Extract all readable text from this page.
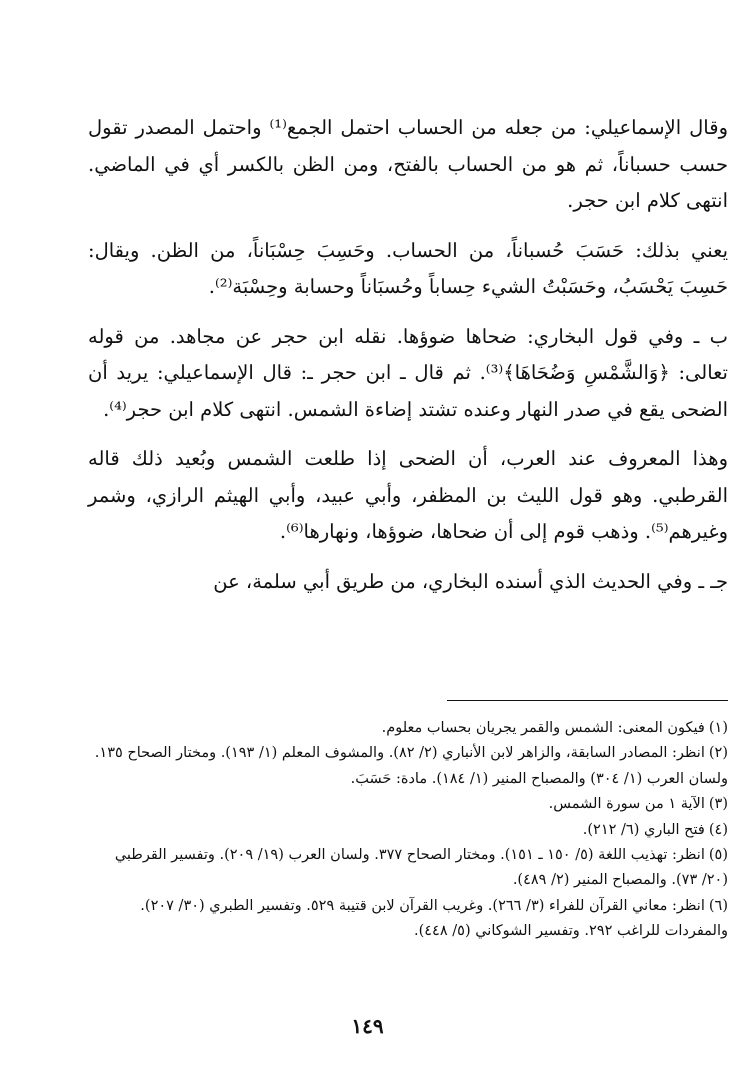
وقال الإسماعيلي: من جعله من الحساب احتمل الجمع⁽¹⁾ واحتمل المصدر تقول حسب حسباناً، ثم هو من الحساب بالفتح، ومن الظن بالكسر أي في الماضي. انتهى كلام ابن حجر.

يعني بذلك: حَسَبَ حُسباناً، من الحساب. وحَسِبَ حِسْبَاناً، من الظن. ويقال: حَسِبَ يَحْسَبُ، وحَسَبْتُ الشيء حِساباً وحُسبَاناً وحسابة وحِسْبَة⁽²⁾.

ب ـ وفي قول البخاري: ضحاها ضوؤها. نقله ابن حجر عن مجاهد. من قوله تعالى: ﴿وَالشَّمْسِ وَضُحَاهَا﴾⁽³⁾. ثم قال ـ ابن حجر ـ: قال الإسماعيلي: يريد أن الضحى يقع في صدر النهار وعنده تشتد إضاءة الشمس. انتهى كلام ابن حجر⁽⁴⁾.

وهذا المعروف عند العرب، أن الضحى إذا طلعت الشمس وبُعيد ذلك قاله القرطبي. وهو قول الليث بن المظفر، وأبي عبيد، وأبي الهيثم الرازي، وشمر وغيرهم⁽⁵⁾. وذهب قوم إلى أن ضحاها، ضوؤها، ونهارها⁽⁶⁾.

جـ ـ وفي الحديث الذي أسنده البخاري، من طريق أبي سلمة، عن

(١)فيكون المعنى: الشمس والقمر يجريان بحساب معلوم.

(٢)انظر: المصادر السابقة، والزاهر لابن الأنباري (٢/ ٨٢). والمشوف المعلم (١/ ١٩٣). ومختار الصحاح ١٣٥. ولسان العرب (١/ ٣٠٤) والمصباح المنير (١/ ١٨٤). مادة: حَسَبَ.

(٣)الآية ١ من سورة الشمس.

(٤)فتح الباري (٦/ ٢١٢).

(٥)انظر: تهذيب اللغة (٥/ ١٥٠ ـ ١٥١). ومختار الصحاح ٣٧٧. ولسان العرب (١٩/ ٢٠٩). وتفسير القرطبي (٢٠/ ٧٣). والمصباح المنير (٢/ ٤٨٩).

(٦)انظر: معاني القرآن للفراء (٣/ ٢٦٦). وغريب القرآن لابن قتيبة ٥٢٩. وتفسير الطبري (٣٠/ ٢٠٧). والمفردات للراغب ٢٩٢. وتفسير الشوكاني (٥/ ٤٤٨).

١٤٩
